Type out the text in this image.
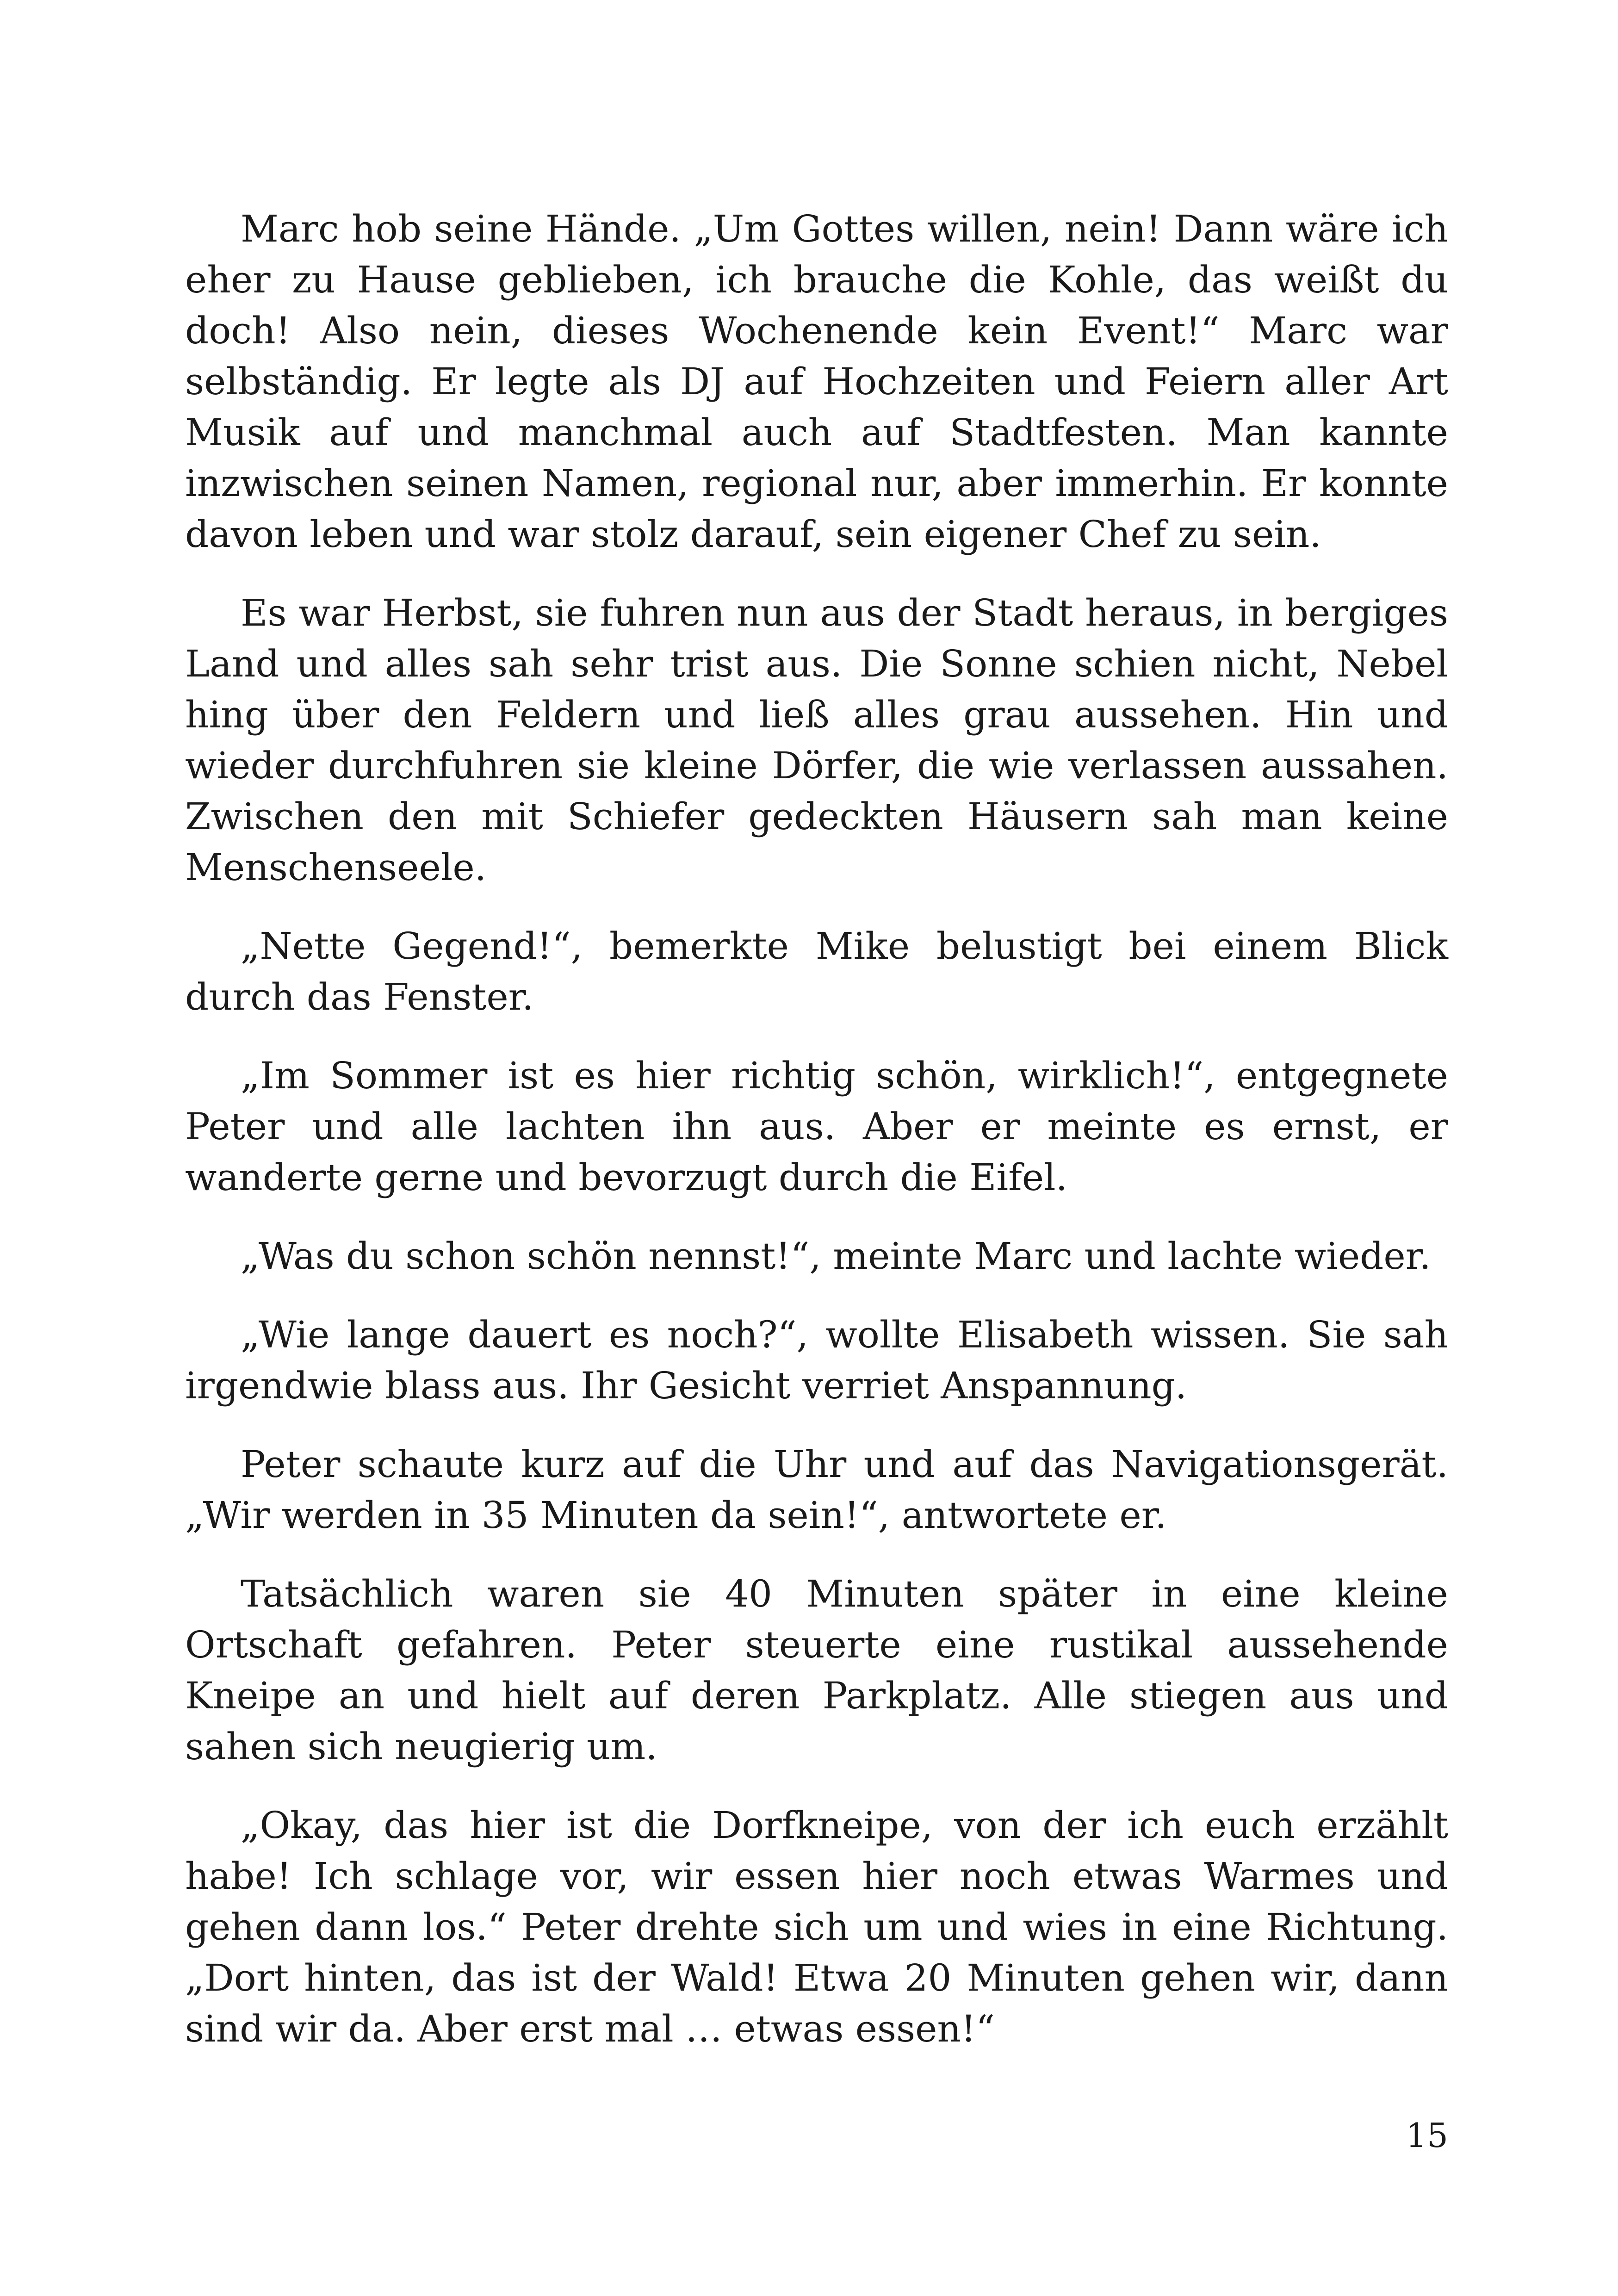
Marc hob seine Hände. „Um Gottes willen, nein! Dann wäre ich eher zu Hause geblieben, ich brauche die Kohle, das weißt du doch! Also nein, dieses Wochenende kein Event!“ Marc war selbständig. Er legte als DJ auf Hochzeiten und Feiern aller Art Musik auf und manchmal auch auf Stadtfesten. Man kannte inzwischen seinen Namen, regional nur, aber immerhin. Er konnte davon leben und war stolz darauf, sein eigener Chef zu sein.

Es war Herbst, sie fuhren nun aus der Stadt heraus, in bergiges Land und alles sah sehr trist aus. Die Sonne schien nicht, Nebel hing über den Feldern und ließ alles grau aussehen. Hin und wieder durchfuhren sie kleine Dörfer, die wie verlassen aussahen. Zwischen den mit Schiefer gedeckten Häusern sah man keine Menschenseele.

„Nette Gegend!“, bemerkte Mike belustigt bei einem Blick durch das Fenster.

„Im Sommer ist es hier richtig schön, wirklich!“, entgegnete Peter und alle lachten ihn aus. Aber er meinte es ernst, er wanderte gerne und bevorzugt durch die Eifel.

„Was du schon schön nennst!“, meinte Marc und lachte wieder.

„Wie lange dauert es noch?“, wollte Elisabeth wissen. Sie sah irgendwie blass aus. Ihr Gesicht verriet Anspannung.

Peter schaute kurz auf die Uhr und auf das Navigationsgerät. „Wir werden in 35 Minuten da sein!“, antwortete er.

Tatsächlich waren sie 40 Minuten später in eine kleine Ortschaft gefahren. Peter steuerte eine rustikal aussehende Kneipe an und hielt auf deren Parkplatz. Alle stiegen aus und sahen sich neugierig um.

„Okay, das hier ist die Dorfkneipe, von der ich euch erzählt habe! Ich schlage vor, wir essen hier noch etwas Warmes und gehen dann los.“ Peter drehte sich um und wies in eine Richtung. „Dort hinten, das ist der Wald! Etwa 20 Minuten gehen wir, dann sind wir da. Aber erst mal … etwas essen!“

15
